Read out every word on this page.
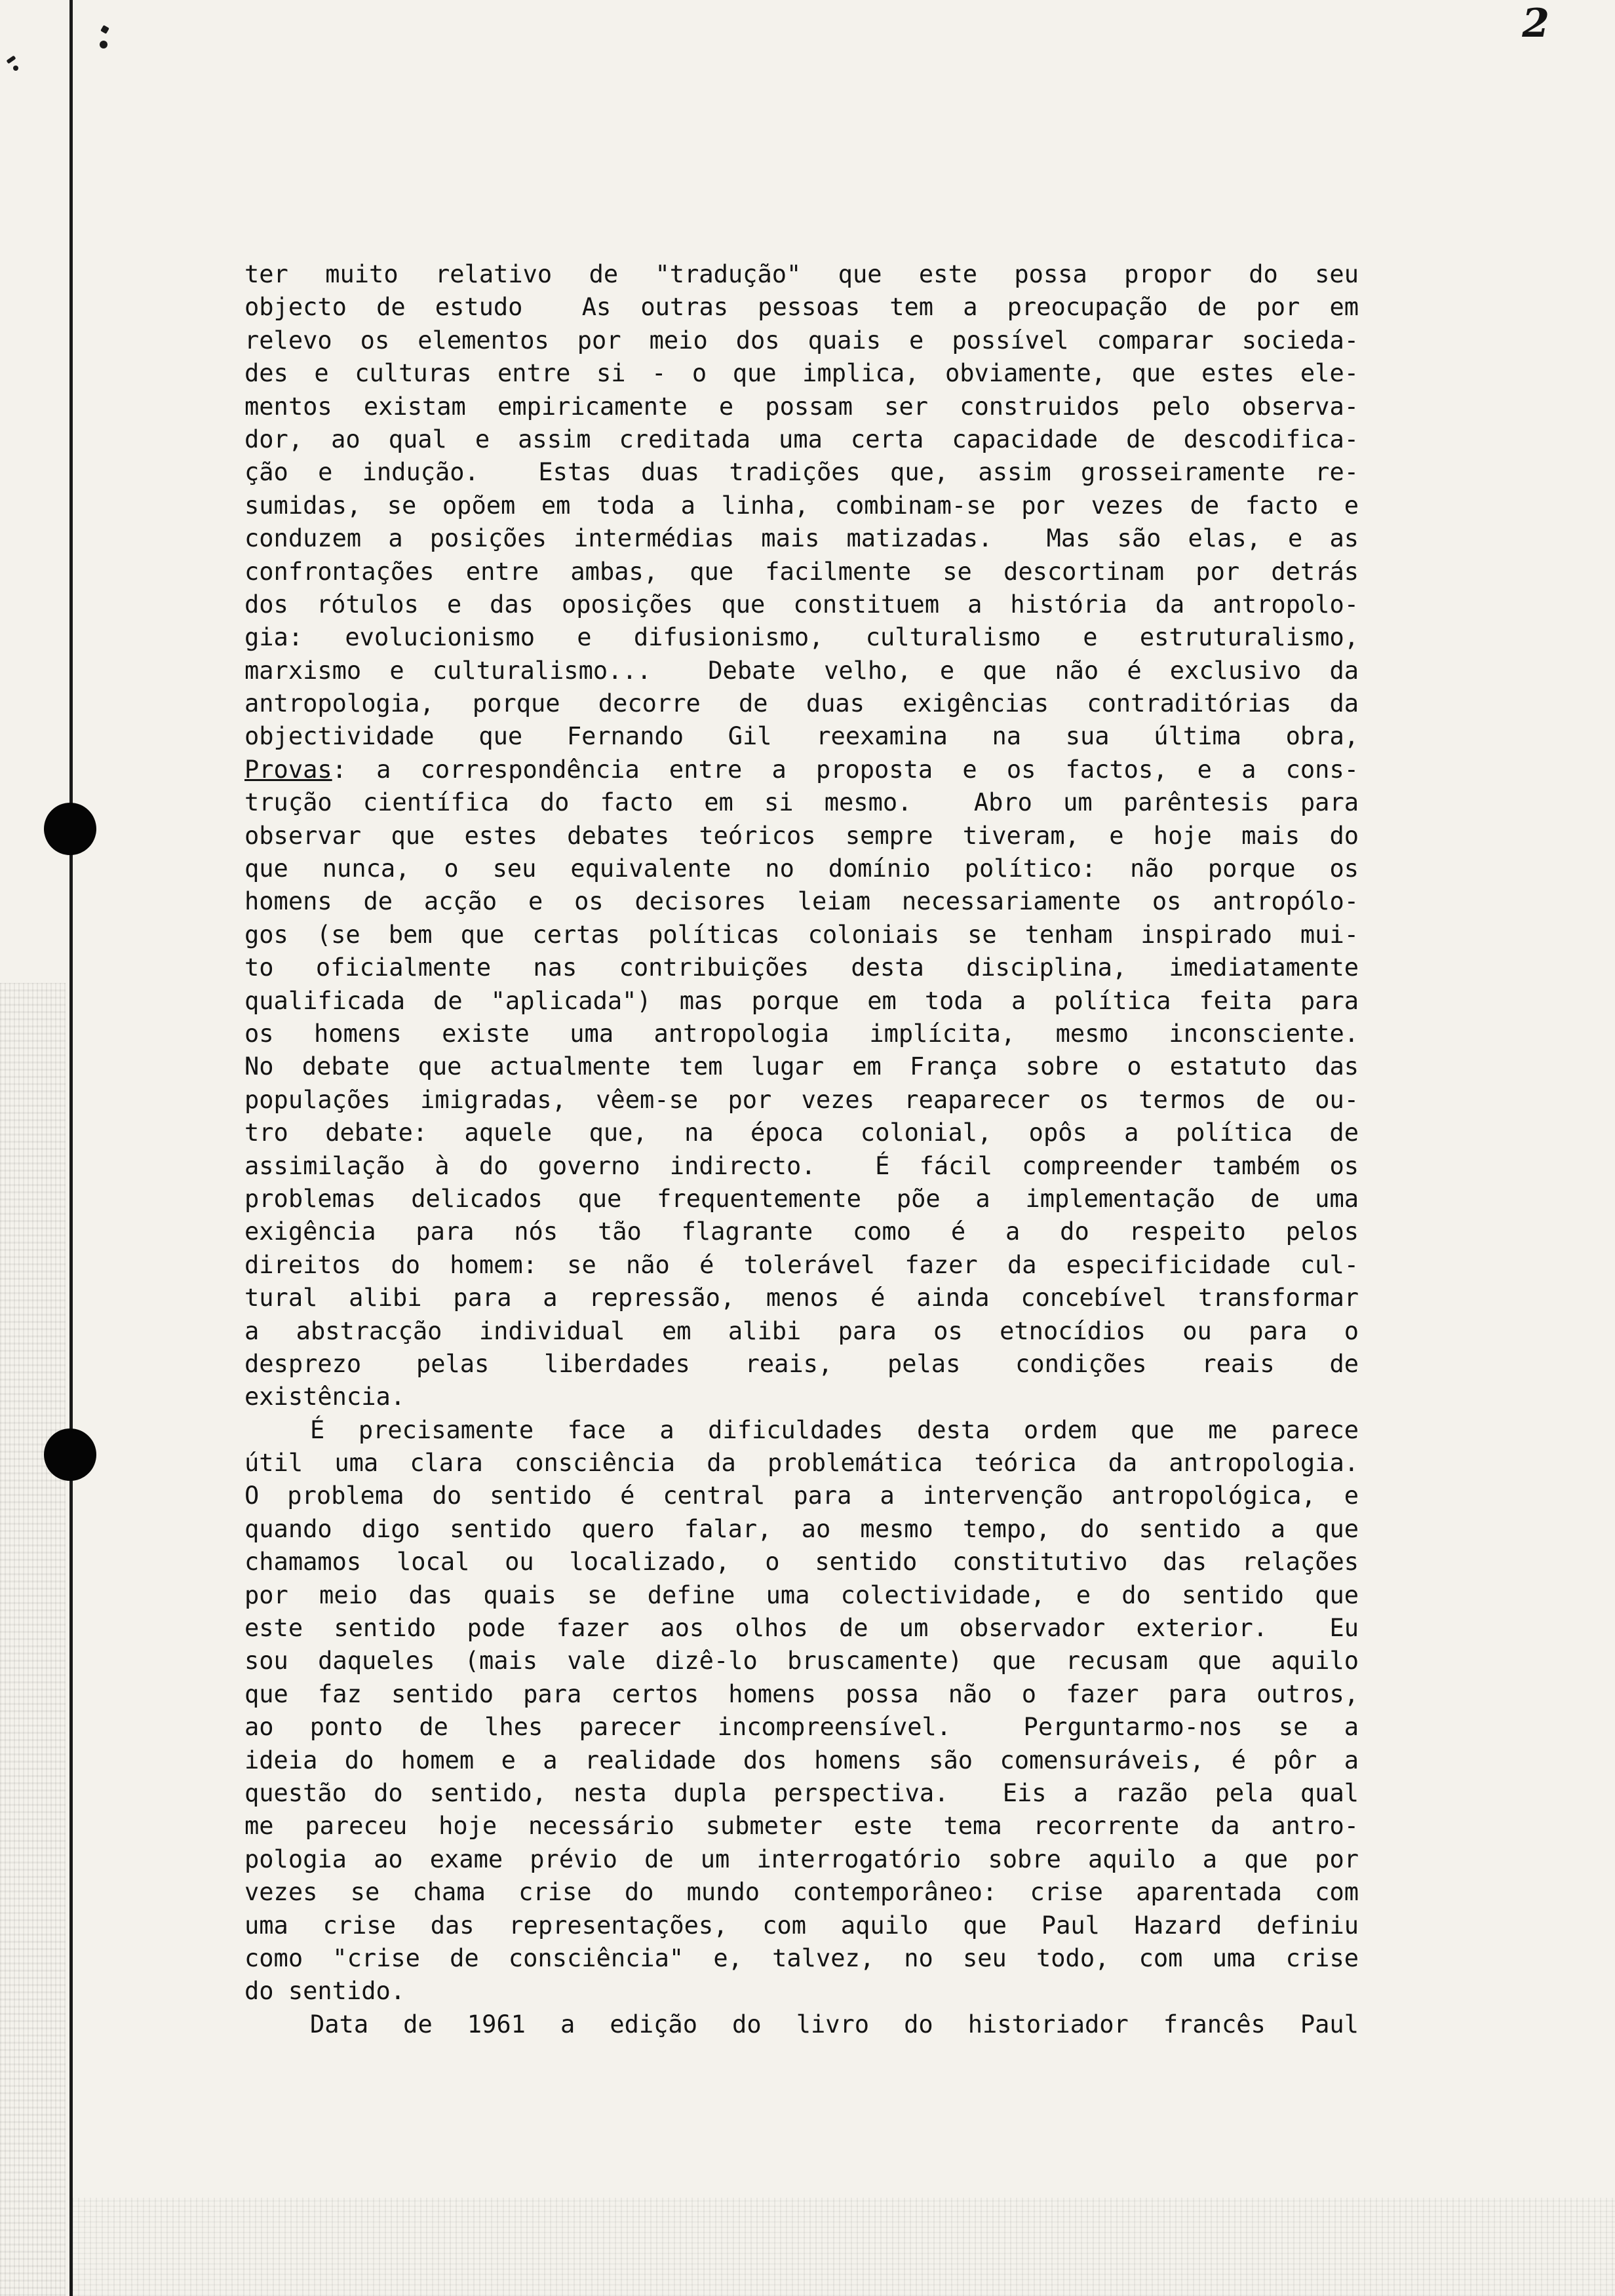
2
ter muito relativo de "tradução" que este possa propor do seu
objecto de estudo  As outras pessoas tem a preocupação de por em
relevo os elementos por meio dos quais e possível comparar socieda-
des e culturas entre si - o que implica, obviamente, que estes ele-
mentos existam empiricamente e possam ser construidos pelo observa-
dor, ao qual e assim creditada uma certa capacidade de descodifica-
ção e indução.  Estas duas tradições que, assim grosseiramente re-
sumidas, se opõem em toda a linha, combinam-se por vezes de facto e
conduzem a posições intermédias mais matizadas.  Mas são elas, e as
confrontações entre ambas, que facilmente se descortinam por detrás
dos rótulos e das oposições que constituem a história da antropolo-
gia: evolucionismo e difusionismo, culturalismo e estruturalismo,
marxismo e culturalismo...  Debate velho, e que não é exclusivo da
antropologia, porque decorre de duas exigências contraditórias da
objectividade que Fernando Gil reexamina na sua última obra,
Provas: a correspondência entre a proposta e os factos, e a cons-
trução científica do facto em si mesmo.  Abro um parêntesis para
observar que estes debates teóricos sempre tiveram, e hoje mais do
que nunca, o seu equivalente no domínio político: não porque os
homens de acção e os decisores leiam necessariamente os antropólo-
gos (se bem que certas políticas coloniais se tenham inspirado mui-
to oficialmente nas contribuições desta disciplina, imediatamente
qualificada de "aplicada") mas porque em toda a política feita para
os homens existe uma antropologia implícita, mesmo inconsciente.
No debate que actualmente tem lugar em França sobre o estatuto das
populações imigradas, vêem-se por vezes reaparecer os termos de ou-
tro debate: aquele que, na época colonial, opôs a política de
assimilação à do governo indirecto.  É fácil compreender também os
problemas delicados que frequentemente põe a implementação de uma
exigência para nós tão flagrante como é a do respeito pelos
direitos do homem: se não é tolerável fazer da especificidade cul-
tural alibi para a repressão, menos é ainda concebível transformar
a abstracção individual em alibi para os etnocídios ou para o
desprezo pelas liberdades reais, pelas condições reais de
existência.
É precisamente face a dificuldades desta ordem que me parece
útil uma clara consciência da problemática teórica da antropologia.
O problema do sentido é central para a intervenção antropológica, e
quando digo sentido quero falar, ao mesmo tempo, do sentido a que
chamamos local ou localizado, o sentido constitutivo das relações
por meio das quais se define uma colectividade, e do sentido que
este sentido pode fazer aos olhos de um observador exterior.  Eu
sou daqueles (mais vale dizê-lo bruscamente) que recusam que aquilo
que faz sentido para certos homens possa não o fazer para outros,
ao ponto de lhes parecer incompreensível.  Perguntarmo-nos se a
ideia do homem e a realidade dos homens são comensuráveis, é pôr a
questão do sentido, nesta dupla perspectiva.  Eis a razão pela qual
me pareceu hoje necessário submeter este tema recorrente da antro-
pologia ao exame prévio de um interrogatório sobre aquilo a que por
vezes se chama crise do mundo contemporâneo: crise aparentada com
uma crise das representações, com aquilo que Paul Hazard definiu
como "crise de consciência" e, talvez, no seu todo, com uma crise
do sentido.
Data de 1961 a edição do livro do historiador francês Paul
